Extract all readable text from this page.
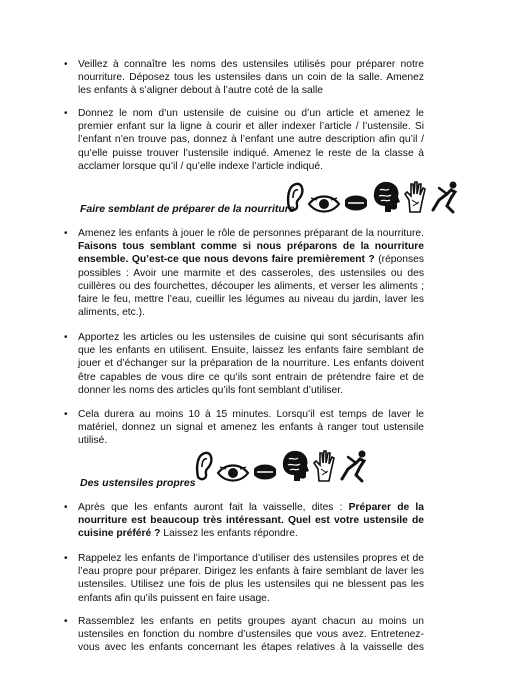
• Veillez à connaître les noms des ustensiles utilisés pour préparer notre
nourriture. Déposez tous les ustensiles dans un coin de la salle. Amenez
les enfants à s’aligner debout à l’autre coté de la salle
• Donnez le nom d’un ustensile de cuisine ou d’un article et amenez le
premier enfant sur la ligne à courir et aller indexer l’article / l’ustensile. Si
l’enfant n’en trouve pas, donnez à l’enfant une autre description afin qu’il /
qu’elle puisse trouver l’ustensile indiqué. Amenez le reste de la classe à
acclamer lorsque qu’il / qu’elle indexe l’article indiqué.
Faire semblant de préparer de la nourriture
• Amenez les enfants à jouer le rôle de personnes préparant de la nourriture.
Faisons tous semblant comme si nous préparons de la nourriture
ensemble. Qu’est-ce que nous devons faire premièrement ? (réponses
possibles : Avoir une marmite et des casseroles, des ustensiles ou des
cuillères ou des fourchettes, découper les aliments, et verser les aliments ;
faire le feu, mettre l’eau, cueillir les légumes au niveau du jardin, laver les
aliments, etc.).
• Apportez les articles ou les ustensiles de cuisine qui sont sécurisants afin
que les enfants en utilisent. Ensuite, laissez les enfants faire semblant de
jouer et d’échanger sur la préparation de la nourriture. Les enfants doivent
être capables de vous dire ce qu’ils sont entrain de prétendre faire et de
donner les noms des articles qu’ils font semblant d’utiliser.
• Cela durera au moins 10 à 15 minutes. Lorsqu’il est temps de laver le
matériel, donnez un signal et amenez les enfants à ranger tout ustensile
utilisé.
Des ustensiles propres
• Après que les enfants auront fait la vaisselle, dites : Préparer de la
nourriture est beaucoup très intéressant. Quel est votre ustensile de
cuisine préféré ? Laissez les enfants répondre.
• Rappelez les enfants de l’importance d’utiliser des ustensiles propres et de
l’eau propre pour préparer. Dirigez les enfants à faire semblant de laver les
ustensiles. Utilisez une fois de plus les ustensiles qui ne blessent pas les
enfants afin qu’ils puissent en faire usage.
• Rassemblez les enfants en petits groupes ayant chacun au moins un
ustensiles en fonction du nombre d’ustensiles que vous avez. Entretenez-
vous avec les enfants concernant les étapes relatives à la vaisselle des
